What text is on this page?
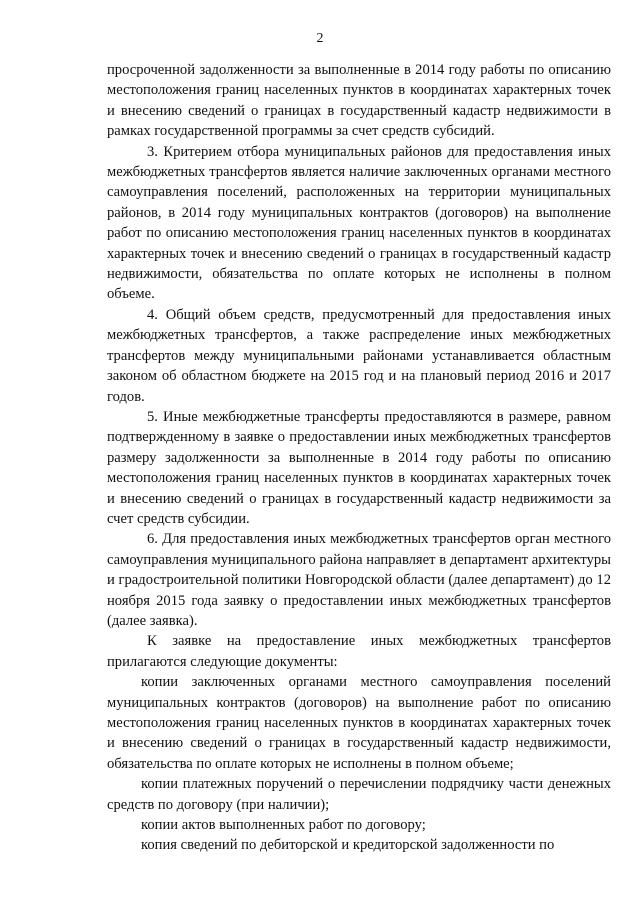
2

просроченной задолженности за выполненные в 2014 году работы по описанию местоположения границ населенных пунктов в координатах характерных точек и внесению сведений о границах в государственный кадастр недвижимости в рамках государственной программы за счет средств субсидий.

3. Критерием отбора муниципальных районов для предоставления иных межбюджетных трансфертов является наличие заключенных органами местного самоуправления поселений, расположенных на территории муниципальных районов, в 2014 году муниципальных контрактов (договоров) на выполнение работ по описанию местоположения границ населенных пунктов в координатах характерных точек и внесению сведений о границах в государственный кадастр недвижимости, обязательства по оплате которых не исполнены в полном объеме.

4. Общий объем средств, предусмотренный для предоставления иных межбюджетных трансфертов, а также распределение иных межбюджетных трансфертов между муниципальными районами устанавливается областным законом об областном бюджете на 2015 год и на плановый период 2016 и 2017 годов.

5. Иные межбюджетные трансферты предоставляются в размере, равном подтвержденному в заявке о предоставлении иных межбюджетных трансфертов размеру задолженности за выполненные в 2014 году работы по описанию местоположения границ населенных пунктов в координатах характерных точек и внесению сведений о границах в государственный кадастр недвижимости за счет средств субсидии.

6. Для предоставления иных межбюджетных трансфертов орган местного самоуправления муниципального района направляет в департамент архитектуры и градостроительной политики Новгородской области (далее департамент) до 12 ноября 2015 года заявку о предоставлении иных межбюджетных трансфертов (далее заявка).

К заявке на предоставление иных межбюджетных трансфертов прилагаются следующие документы:

копии заключенных органами местного самоуправления поселений муниципальных контрактов (договоров) на выполнение работ по описанию местоположения границ населенных пунктов в координатах характерных точек и внесению сведений о границах в государственный кадастр недвижимости, обязательства по оплате которых не исполнены в полном объеме;

копии платежных поручений о перечислении подрядчику части денежных средств по договору (при наличии);

копии актов выполненных работ по договору;

копия сведений по дебиторской и кредиторской задолженности по
